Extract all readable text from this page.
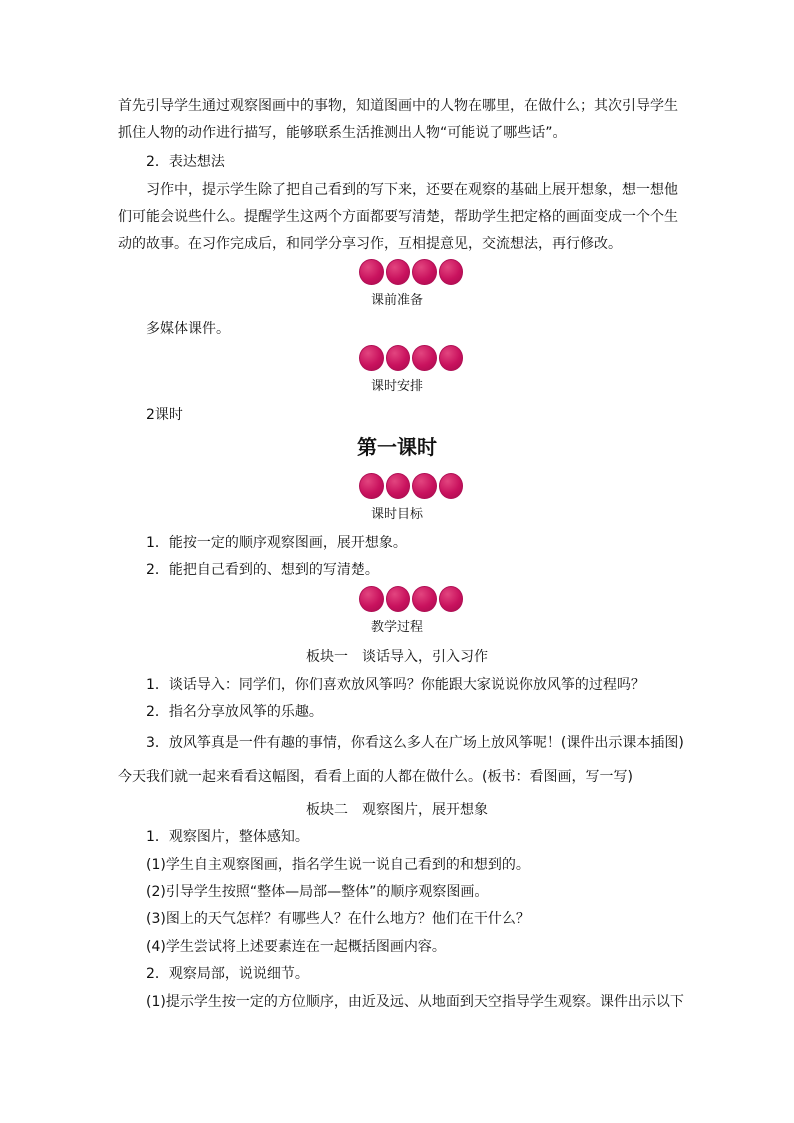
首先引导学生通过观察图画中的事物，知道图画中的人物在哪里，在做什么；其次引导学生
抓住人物的动作进行描写，能够联系生活推测出人物“可能说了哪些话”。
2．表达想法
习作中，提示学生除了把自己看到的写下来，还要在观察的基础上展开想象，想一想他
们可能会说些什么。提醒学生这两个方面都要写清楚，帮助学生把定格的画面变成一个个生
动的故事。在习作完成后，和同学分享习作，互相提意见，交流想法，再行修改。
课前准备
多媒体课件。
课时安排
2课时
第一课时
课时目标
1．能按一定的顺序观察图画，展开想象。
2．能把自己看到的、想到的写清楚。
教学过程
板块一　谈话导入，引入习作
1．谈话导入：同学们，你们喜欢放风筝吗？你能跟大家说说你放风筝的过程吗？
2．指名分享放风筝的乐趣。
3．放风筝真是一件有趣的事情，你看这么多人在广场上放风筝呢！(课件出示课本插图)
今天我们就一起来看看这幅图，看看上面的人都在做什么。(板书：看图画，写一写)
板块二　观察图片，展开想象
1．观察图片，整体感知。
(1)学生自主观察图画，指名学生说一说自己看到的和想到的。
(2)引导学生按照“整体—局部—整体”的顺序观察图画。
(3)图上的天气怎样？有哪些人？在什么地方？他们在干什么？
(4)学生尝试将上述要素连在一起概括图画内容。
2．观察局部，说说细节。
(1)提示学生按一定的方位顺序，由近及远、从地面到天空指导学生观察。课件出示以下
